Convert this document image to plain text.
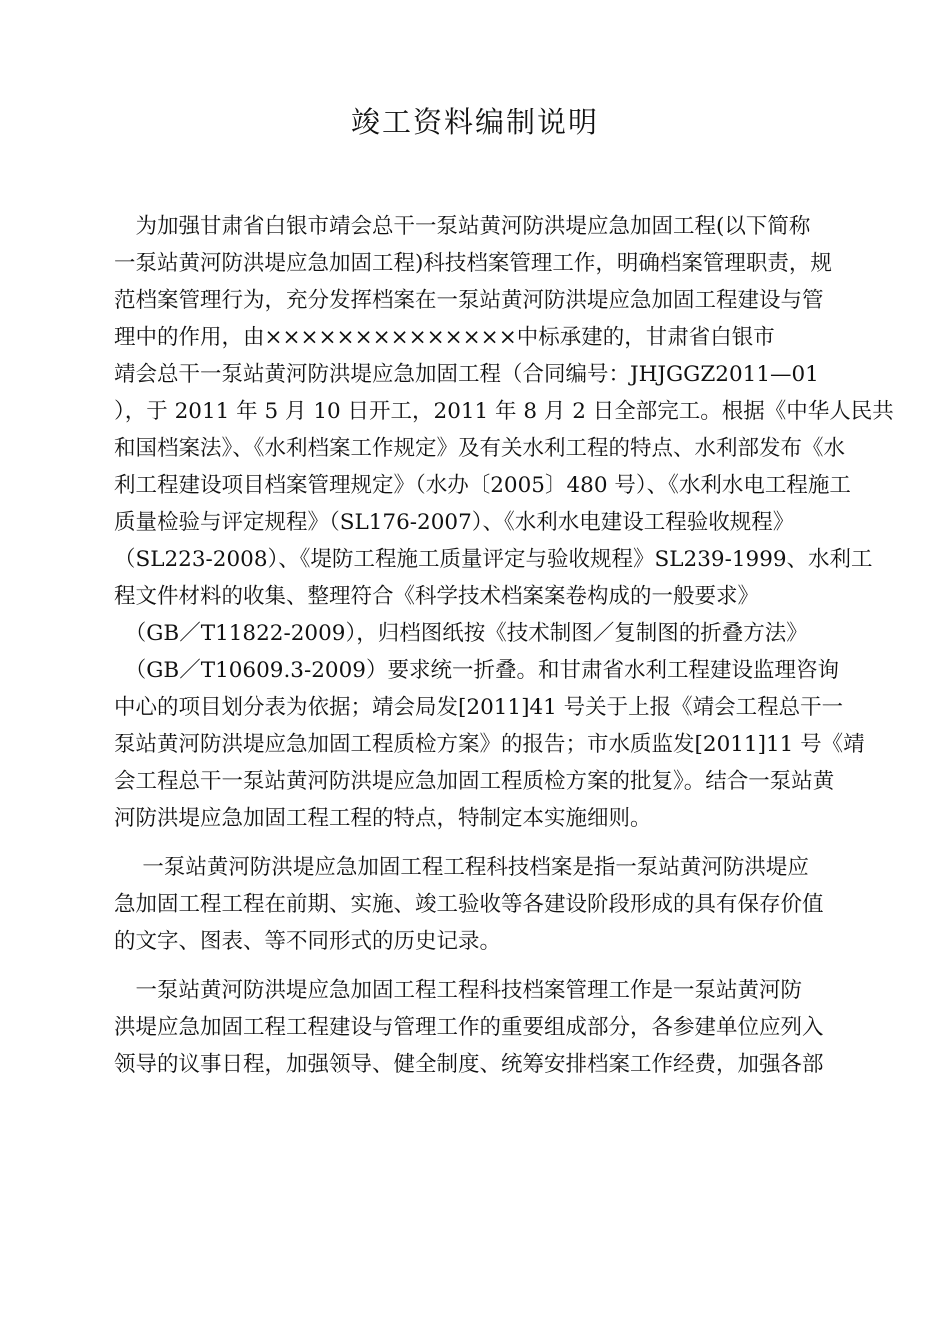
竣工资料编制说明

　为加强甘肃省白银市靖会总干一泵站黄河防洪堤应急加固工程(以下简称

一泵站黄河防洪堤应急加固工程)科技档案管理工作，明确档案管理职责，规

范档案管理行为，充分发挥档案在一泵站黄河防洪堤应急加固工程建设与管

理中的作用，由××××××××××××××中标承建的，甘肃省白银市

靖会总干一泵站黄河防洪堤应急加固工程（合同编号：JHJGGZ2011—01

），于 2011 年 5 月 10 日开工，2011 年 8 月 2 日全部完工。根据《中华人民共

和国档案法》、《水利档案工作规定》及有关水利工程的特点、水利部发布《水

利工程建设项目档案管理规定》（水办〔2005〕480 号）、《水利水电工程施工

质量检验与评定规程》（SL176-2007）、《水利水电建设工程验收规程》

（SL223-2008）、《堤防工程施工质量评定与验收规程》SL239-1999、水利工

程文件材料的收集、整理符合《科学技术档案案卷构成的一般要求》

　（GB／T11822-2009），归档图纸按《技术制图／复制图的折叠方法》

　（GB／T10609.3-2009）要求统一折叠。和甘肃省水利工程建设监理咨询

中心的项目划分表为依据；靖会局发[2011]41 号关于上报《靖会工程总干一

泵站黄河防洪堤应急加固工程质检方案》的报告；市水质监发[2011]11 号《靖

会工程总干一泵站黄河防洪堤应急加固工程质检方案的批复》。结合一泵站黄

河防洪堤应急加固工程工程的特点，特制定本实施细则。

　 一泵站黄河防洪堤应急加固工程工程科技档案是指一泵站黄河防洪堤应

急加固工程工程在前期、实施、竣工验收等各建设阶段形成的具有保存价值

的文字、图表、等不同形式的历史记录。

　一泵站黄河防洪堤应急加固工程工程科技档案管理工作是一泵站黄河防

洪堤应急加固工程工程建设与管理工作的重要组成部分，各参建单位应列入

领导的议事日程，加强领导、健全制度、统筹安排档案工作经费，加强各部
